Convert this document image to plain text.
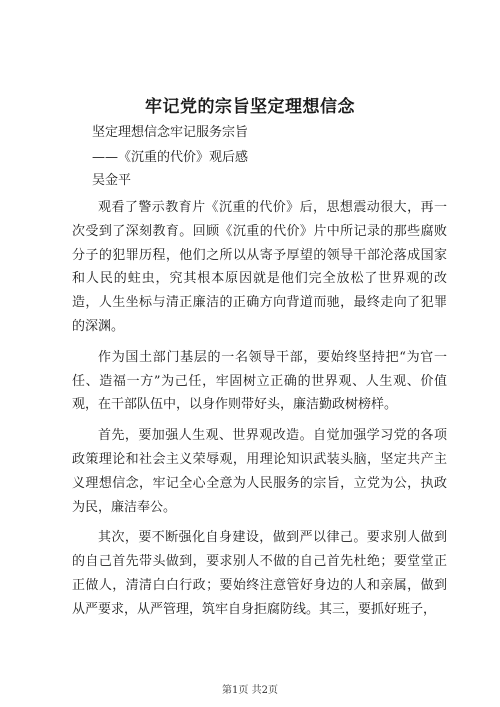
牢记党的宗旨坚定理想信念
坚定理想信念牢记服务宗旨
——《沉重的代价》观后感
吴金平

观看了警示教育片《沉重的代价》后，思想震动很大，再一次受到了深刻教育。回顾《沉重的代价》片中所记录的那些腐败分子的犯罪历程，他们之所以从寄予厚望的领导干部沦落成国家和人民的蛀虫，究其根本原因就是他们完全放松了世界观的改造，人生坐标与清正廉洁的正确方向背道而驰，最终走向了犯罪的深渊。

作为国土部门基层的一名领导干部，要始终坚持把“为官一任、造福一方”为己任，牢固树立正确的世界观、人生观、价值观，在干部队伍中，以身作则带好头，廉洁勤政树榜样。

首先，要加强人生观、世界观改造。自觉加强学习党的各项政策理论和社会主义荣辱观，用理论知识武装头脑，坚定共产主义理想信念，牢记全心全意为人民服务的宗旨，立党为公，执政为民，廉洁奉公。

其次，要不断强化自身建设，做到严以律己。要求别人做到的自己首先带头做到，要求别人不做的自己首先杜绝；要堂堂正正做人，清清白白行政；要始终注意管好身边的人和亲属，做到从严要求，从严管理，筑牢自身拒腐防线。其三，要抓好班子，

第1页 共2页
